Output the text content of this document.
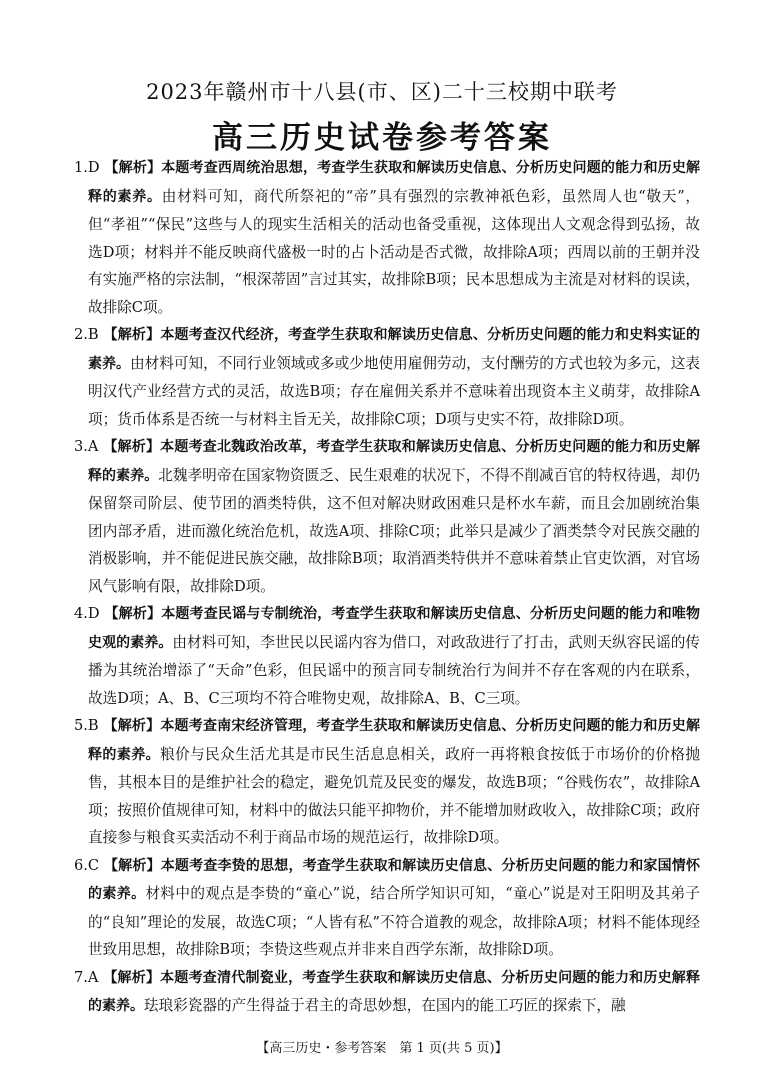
2023年赣州市十八县(市、区)二十三校期中联考
高三历史试卷参考答案

1.D 【解析】本题考查西周统治思想，考查学生获取和解读历史信息、分析历史问题的能力和历史解释的素养。由材料可知，商代所祭祀的“帝”具有强烈的宗教神祇色彩，虽然周人也“敬天”，但“孝祖”“保民”这些与人的现实生活相关的活动也备受重视，这体现出人文观念得到弘扬，故选D项；材料并不能反映商代盛极一时的占卜活动是否式微，故排除A项；西周以前的王朝并没有实施严格的宗法制，“根深蒂固”言过其实，故排除B项；民本思想成为主流是对材料的误读，故排除C项。

2.B 【解析】本题考查汉代经济，考查学生获取和解读历史信息、分析历史问题的能力和史料实证的素养。由材料可知，不同行业领域或多或少地使用雇佣劳动，支付酬劳的方式也较为多元，这表明汉代产业经营方式的灵活，故选B项；存在雇佣关系并不意味着出现资本主义萌芽，故排除A项；货币体系是否统一与材料主旨无关，故排除C项；D项与史实不符，故排除D项。

3.A 【解析】本题考查北魏政治改革，考查学生获取和解读历史信息、分析历史问题的能力和历史解释的素养。北魏孝明帝在国家物资匮乏、民生艰难的状况下，不得不削减百官的特权待遇，却仍保留祭司阶层、使节团的酒类特供，这不但对解决财政困难只是杯水车薪，而且会加剧统治集团内部矛盾，进而激化统治危机，故选A项、排除C项；此举只是减少了酒类禁令对民族交融的消极影响，并不能促进民族交融，故排除B项；取消酒类特供并不意味着禁止官吏饮酒，对官场风气影响有限，故排除D项。

4.D 【解析】本题考查民谣与专制统治，考查学生获取和解读历史信息、分析历史问题的能力和唯物史观的素养。由材料可知，李世民以民谣内容为借口，对政敌进行了打击，武则天纵容民谣的传播为其统治增添了“天命”色彩，但民谣中的预言同专制统治行为间并不存在客观的内在联系，故选D项；A、B、C三项均不符合唯物史观，故排除A、B、C三项。

5.B 【解析】本题考查南宋经济管理，考查学生获取和解读历史信息、分析历史问题的能力和历史解释的素养。粮价与民众生活尤其是市民生活息息相关，政府一再将粮食按低于市场价的价格抛售，其根本目的是维护社会的稳定，避免饥荒及民变的爆发，故选B项；“谷贱伤农”，故排除A项；按照价值规律可知，材料中的做法只能平抑物价，并不能增加财政收入，故排除C项；政府直接参与粮食买卖活动不利于商品市场的规范运行，故排除D项。

6.C 【解析】本题考查李贽的思想，考查学生获取和解读历史信息、分析历史问题的能力和家国情怀的素养。材料中的观点是李贽的“童心”说，结合所学知识可知，“童心”说是对王阳明及其弟子的“良知”理论的发展，故选C项；“人皆有私”不符合道教的观念，故排除A项；材料不能体现经世致用思想，故排除B项；李贽这些观点并非来自西学东渐，故排除D项。

7.A 【解析】本题考查清代制瓷业，考查学生获取和解读历史信息、分析历史问题的能力和历史解释的素养。珐琅彩瓷器的产生得益于君主的奇思妙想，在国内的能工巧匠的探索下，融

【高三历史・参考答案　第 1 页(共 5 页)】
